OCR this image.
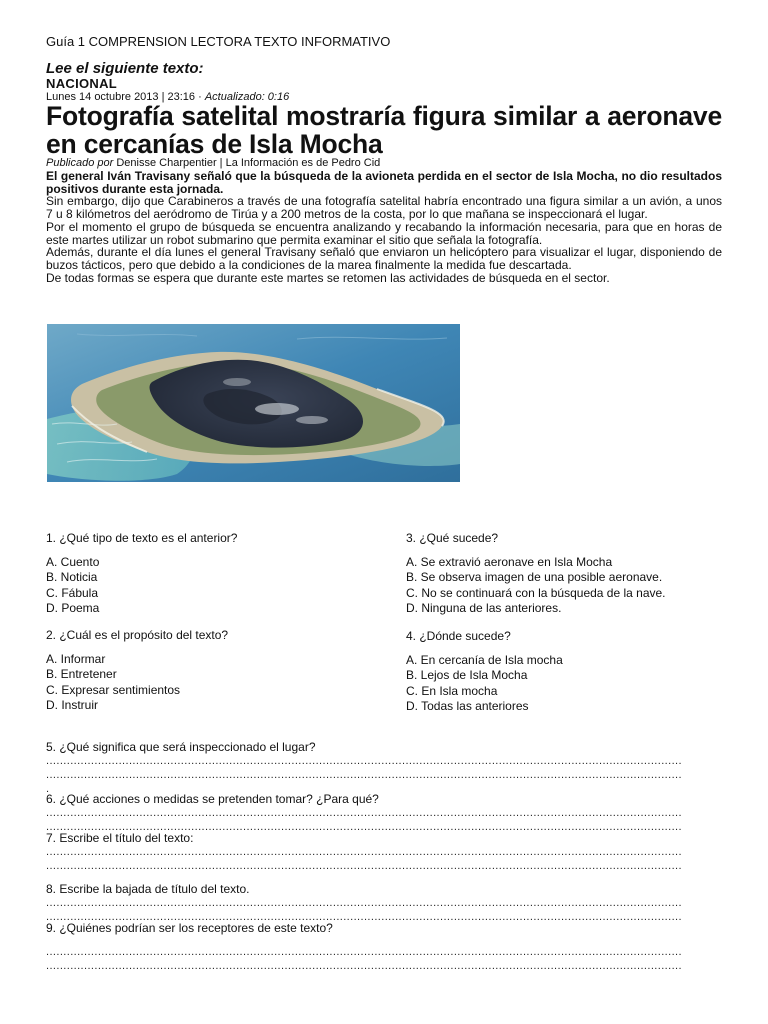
Guía 1 COMPRENSION LECTORA TEXTO INFORMATIVO
Lee el siguiente texto:
NACIONAL
Lunes 14 octubre 2013 | 23:16 · Actualizado: 0:16
Fotografía satelital mostraría figura similar a aeronave en cercanías de Isla Mocha
Publicado por Denisse Charpentier | La Información es de Pedro Cid

El general Iván Travisany señaló que la búsqueda de la avioneta perdida en el sector de Isla Mocha, no dio resultados positivos durante esta jornada.

Sin embargo, dijo que Carabineros a través de una fotografía satelital habría encontrado una figura similar a un avión, a unos 7 u 8 kilómetros del aeródromo de Tirúa y a 200 metros de la costa, por lo que mañana se inspeccionará el lugar.

Por el momento el grupo de búsqueda se encuentra analizando y recabando la información necesaria, para que en horas de este martes utilizar un robot submarino que permita examinar el sitio que señala la fotografía.

Además, durante el día lunes el general Travisany señaló que enviaron un helicóptero para visualizar el lugar, disponiendo de buzos tácticos, pero que debido a la condiciones de la marea finalmente la medida fue descartada.

De todas formas se espera que durante este martes se retomen las actividades de búsqueda en el sector.

1. ¿Qué tipo de texto es el anterior?
A. Cuento
B. Noticia
C. Fábula
D. Poema
2. ¿Cuál es el propósito del texto?
A. Informar
B. Entretener
C. Expresar sentimientos
D. Instruir
3. ¿Qué sucede?
A. Se extravió aeronave en Isla Mocha
B. Se observa imagen de una posible aeronave.
C. No se continuará con la búsqueda de la nave.
D. Ninguna de las anteriores.
4. ¿Dónde sucede?
A. En cercanía de Isla mocha
B. Lejos de Isla Mocha
C. En Isla mocha
D. Todas las anteriores
5. ¿Qué significa que será inspeccionado el lugar?
........................................................................................................................................................................................
........................................................................................................................................................................................
.
6. ¿Qué acciones o medidas se pretenden tomar? ¿Para qué?
........................................................................................................................................................................................
........................................................................................................................................................................................
7. Escribe el título del texto:
........................................................................................................................................................................................
........................................................................................................................................................................................
8. Escribe la bajada de título del texto.
........................................................................................................................................................................................
........................................................................................................................................................................................
9. ¿Quiénes podrían ser los receptores de este texto?
........................................................................................................................................................................................
........................................................................................................................................................................................
